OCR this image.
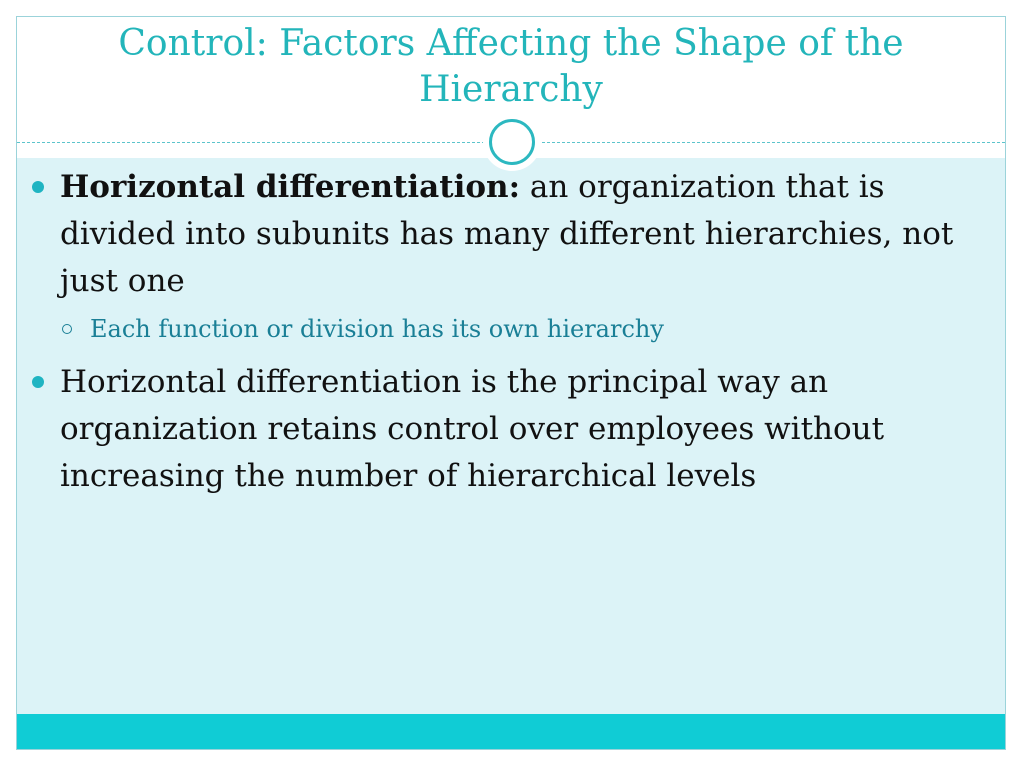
Control: Factors Affecting the Shape of the Hierarchy
Horizontal differentiation: an organization that is divided into subunits has many different hierarchies, not just one
Each function or division has its own hierarchy
Horizontal differentiation is the principal way an organization retains control over employees without increasing the number of hierarchical levels
